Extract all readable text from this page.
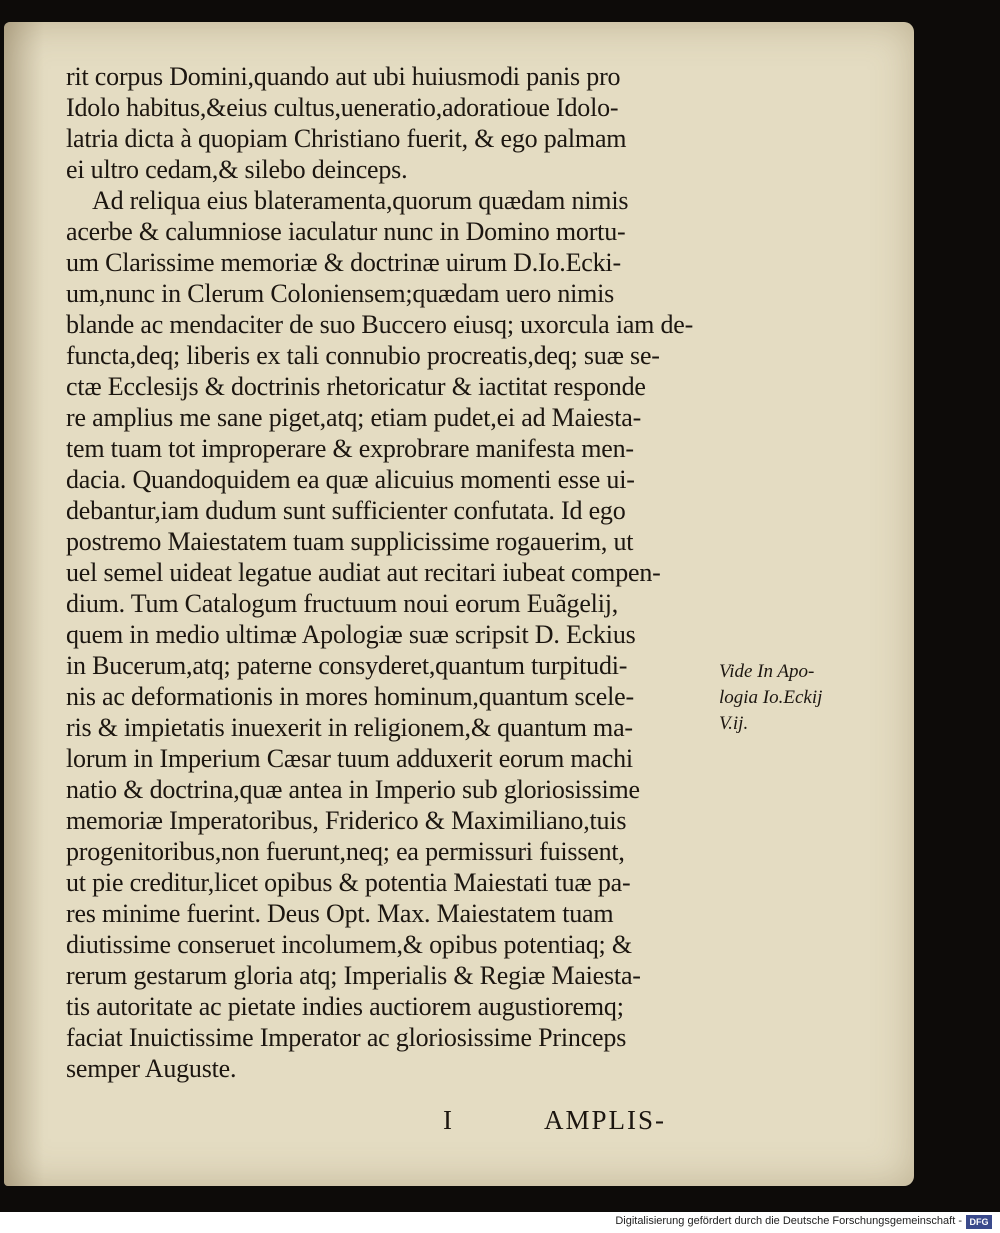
rit corpus Domini,quando aut ubi huiusmodi panis pro
Idolo habitus,&eius cultus,ueneratio,adoratioue Idolo-
latria dicta à quopiam Christiano fuerit, & ego palmam
ei ultro cedam,& silebo deinceps.
Ad reliqua eius blateramenta,quorum quædam nimis
acerbe & calumniose iaculatur nunc in Domino mortu-
um Clarissime memoriæ & doctrinæ uirum D.Io.Ecki-
um,nunc in Clerum Coloniensem;quædam uero nimis
blande ac mendaciter de suo Buccero eiusq; uxorcula iam de-
functa,deq; liberis ex tali connubio procreatis,deq; suæ se-
ctæ Ecclesijs & doctrinis rhetoricatur & iactitat responde
re amplius me sane piget,atq; etiam pudet,ei ad Maiesta-
tem tuam tot improperare & exprobrare manifesta men-
dacia. Quandoquidem ea quæ alicuius momenti esse ui-
debantur,iam dudum sunt sufficienter confutata. Id ego
postremo Maiestatem tuam supplicissime rogauerim, ut
uel semel uideat legatue audiat aut recitari iubeat compen-
dium. Tum Catalogum fructuum noui eorum Euãgelij,
quem in medio ultimæ Apologiæ suæ scripsit D. Eckius
in Bucerum,atq; paterne consyderet,quantum turpitudi-
nis ac deformationis in mores hominum,quantum scele-
ris & impietatis inuexerit in religionem,& quantum ma-
lorum in Imperium Cæsar tuum adduxerit eorum machi
natio & doctrina,quæ antea in Imperio sub gloriosissime
memoriæ Imperatoribus, Friderico & Maximiliano,tuis
progenitoribus,non fuerunt,neq; ea permissuri fuissent,
ut pie creditur,licet opibus & potentia Maiestati tuæ pa-
res minime fuerint. Deus Opt. Max. Maiestatem tuam
diutissime conseruet incolumem,& opibus potentiaq; &
rerum gestarum gloria atq; Imperialis & Regiæ Maiesta-
tis autoritate ac pietate indies auctiorem augustioremq;
faciat Inuictissime Imperator ac gloriosissime Princeps
semper Auguste.
Vide In Apo-
logia Io.Eckij
V.ij.
I	AMPLIS-
Digitalisierung gefördert durch die Deutsche Forschungsgemeinschaft - DFG
